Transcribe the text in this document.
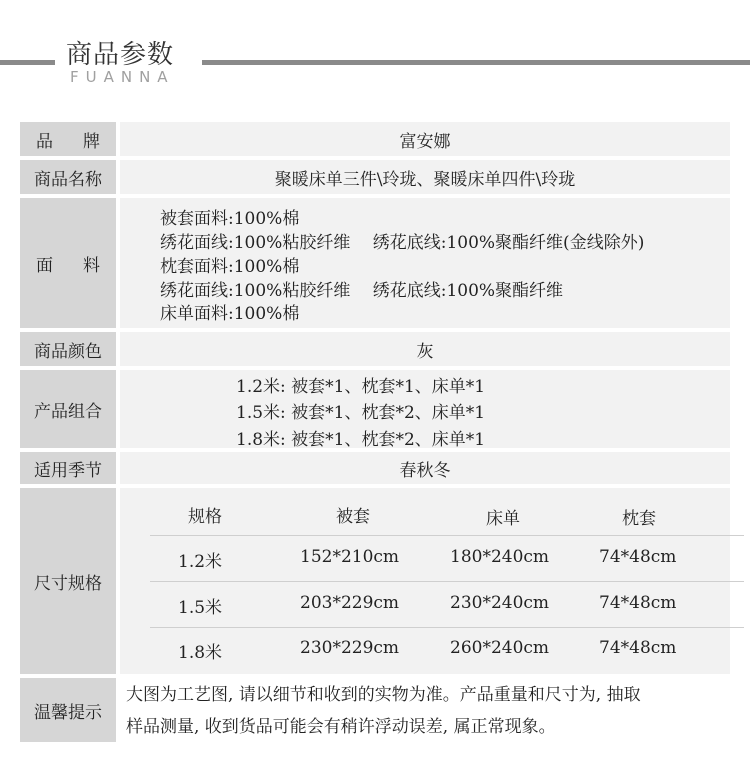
商品参数
FUANNA
品 牌	富安娜
商品名称	聚暖床单三件\玲珑、聚暖床单四件\玲珑
面 料
被套面料:100%棉
绣花面线:100%粘胶纤维　 绣花底线:100%聚酯纤维(金线除外)
枕套面料:100%棉
绣花面线:100%粘胶纤维　 绣花底线:100%聚酯纤维
床单面料:100%棉
商品颜色	灰
产品组合
1.2米: 被套*1、枕套*1、床单*1
1.5米: 被套*1、枕套*2、床单*1
1.8米: 被套*1、枕套*2、床单*1
适用季节	春秋冬
尺寸规格
规格	被套	床单	枕套
1.2米	152*210cm	180*240cm	74*48cm
1.5米	203*229cm	230*240cm	74*48cm
1.8米	230*229cm	260*240cm	74*48cm
温馨提示
大图为工艺图, 请以细节和收到的实物为准。产品重量和尺寸为, 抽取
样品测量, 收到货品可能会有稍许浮动误差, 属正常现象。
